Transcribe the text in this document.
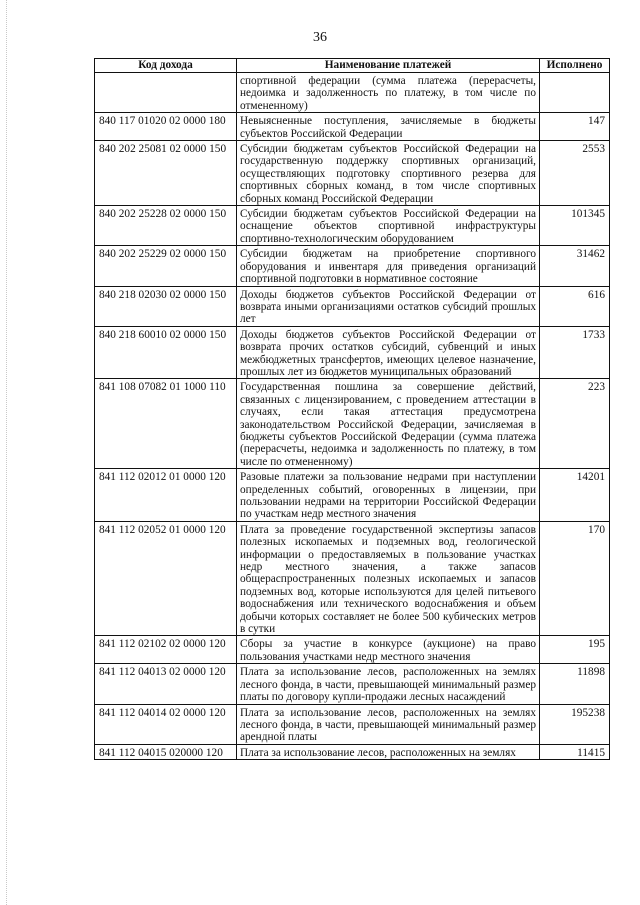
36
Код дохода	Наименование платежей	Исполнено
	спортивной федерации (сумма платежа (перерасчеты, недоимка и задолженность по платежу, в том числе по отмененному)	
840 117 01020 02 0000 180	Невыясненные поступления, зачисляемые в бюджеты субъектов Российской Федерации	147
840 202 25081 02 0000 150	Субсидии бюджетам субъектов Российской Федерации на государственную поддержку спортивных организаций, осуществляющих подготовку спортивного резерва для спортивных сборных команд, в том числе спортивных сборных команд Российской Федерации	2553
840 202 25228 02 0000 150	Субсидии бюджетам субъектов Российской Федерации на оснащение объектов спортивной инфраструктуры спортивно-технологическим оборудованием	101345
840 202 25229 02 0000 150	Субсидии бюджетам на приобретение спортивного оборудования и инвентаря для приведения организаций спортивной подготовки в нормативное состояние	31462
840 218 02030 02 0000 150	Доходы бюджетов субъектов Российской Федерации от возврата иными организациями остатков субсидий прошлых лет	616
840 218 60010 02 0000 150	Доходы бюджетов субъектов Российской Федерации от возврата прочих остатков субсидий, субвенций и иных межбюджетных трансфертов, имеющих целевое назначение, прошлых лет из бюджетов муниципальных образований	1733
841 108 07082 01 1000 110	Государственная пошлина за совершение действий, связанных с лицензированием, с проведением аттестации в случаях, если такая аттестация предусмотрена законодательством Российской Федерации, зачисляемая в бюджеты субъектов Российской Федерации (сумма платежа (перерасчеты, недоимка и задолженность по платежу, в том числе по отмененному)	223
841 112 02012 01 0000 120	Разовые платежи за пользование недрами при наступлении определенных событий, оговоренных в лицензии, при пользовании недрами на территории Российской Федерации по участкам недр местного значения	14201
841 112 02052 01 0000 120	Плата за проведение государственной экспертизы запасов полезных ископаемых и подземных вод, геологической информации о предоставляемых в пользование участках недр местного значения, а также запасов общераспространенных полезных ископаемых и запасов подземных вод, которые используются для целей питьевого водоснабжения или технического водоснабжения и объем добычи которых составляет не более 500 кубических метров в сутки	170
841 112 02102 02 0000 120	Сборы за участие в конкурсе (аукционе) на право пользования участками недр местного значения	195
841 112 04013 02 0000 120	Плата за использование лесов, расположенных на землях лесного фонда, в части, превышающей минимальный размер платы по договору купли-продажи лесных насаждений	11898
841 112 04014 02 0000 120	Плата за использование лесов, расположенных на землях лесного фонда, в части, превышающей минимальный размер арендной платы	195238
841 112 04015 020000 120	Плата за использование лесов, расположенных на землях	11415
